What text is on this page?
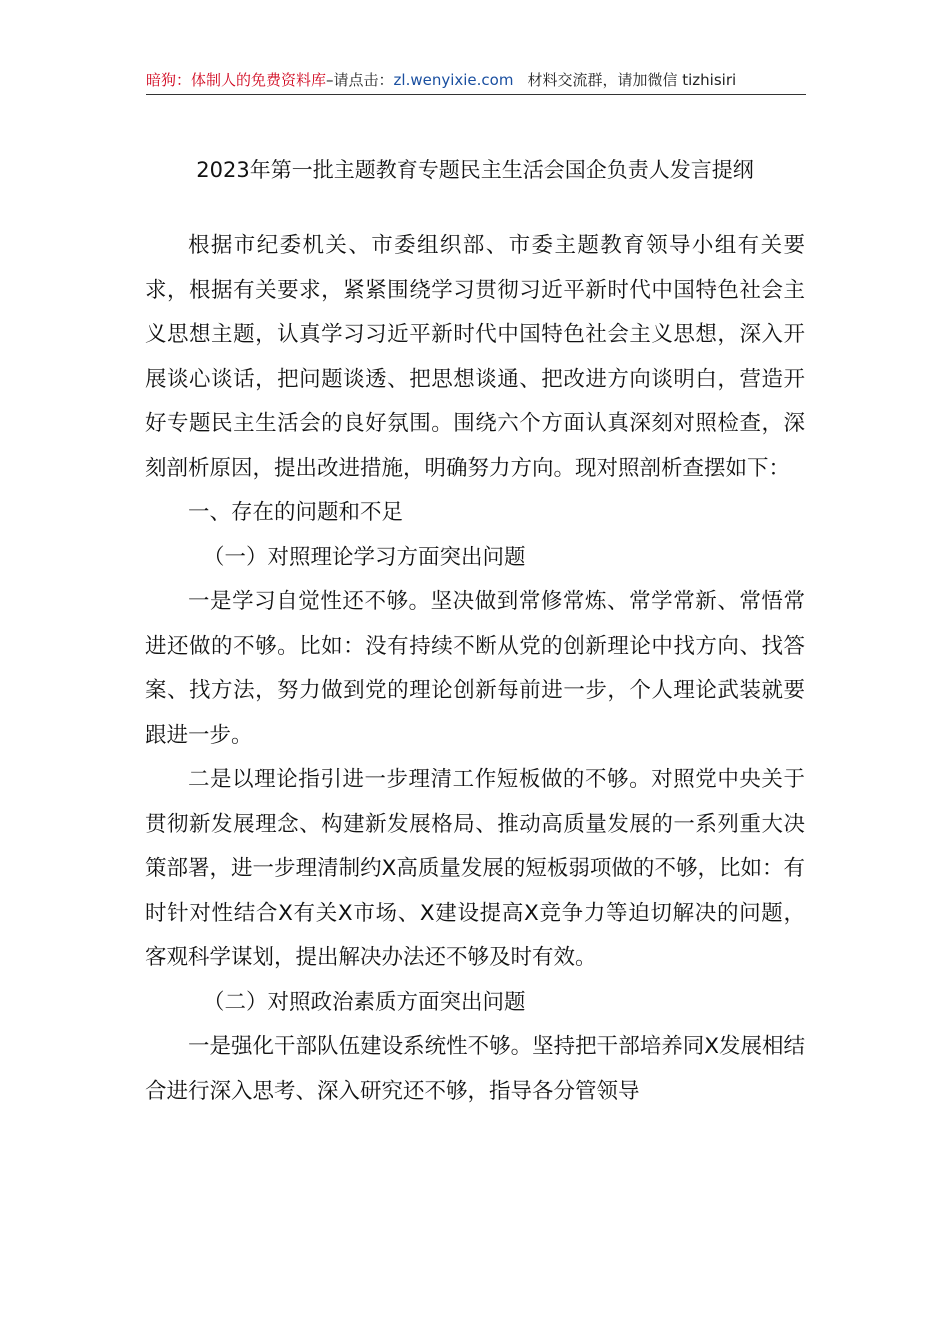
暗狗：体制人的免费资料库–请点击：zl.wenyixie.com 材料交流群，请加微信 tizhisiri
2023年第一批主题教育专题民主生活会国企负责人发言提纲

根据市纪委机关、市委组织部、市委主题教育领导小组有关要求，根据有关要求，紧紧围绕学习贯彻习近平新时代中国特色社会主义思想主题，认真学习习近平新时代中国特色社会主义思想，深入开展谈心谈话，把问题谈透、把思想谈通、把改进方向谈明白，营造开好专题民主生活会的良好氛围。围绕六个方面认真深刻对照检查，深刻剖析原因，提出改进措施，明确努力方向。现对照剖析查摆如下：

一、存在的问题和不足

（一）对照理论学习方面突出问题

一是学习自觉性还不够。坚决做到常修常炼、常学常新、常悟常进还做的不够。比如：没有持续不断从党的创新理论中找方向、找答案、找方法，努力做到党的理论创新每前进一步，个人理论武装就要跟进一步。

二是以理论指引进一步理清工作短板做的不够。对照党中央关于贯彻新发展理念、构建新发展格局、推动高质量发展的一系列重大决策部署，进一步理清制约X高质量发展的短板弱项做的不够，比如：有时针对性结合X有关X市场、X建设提高X竞争力等迫切解决的问题，客观科学谋划，提出解决办法还不够及时有效。

（二）对照政治素质方面突出问题

一是强化干部队伍建设系统性不够。坚持把干部培养同X发展相结合进行深入思考、深入研究还不够，指导各分管领导
